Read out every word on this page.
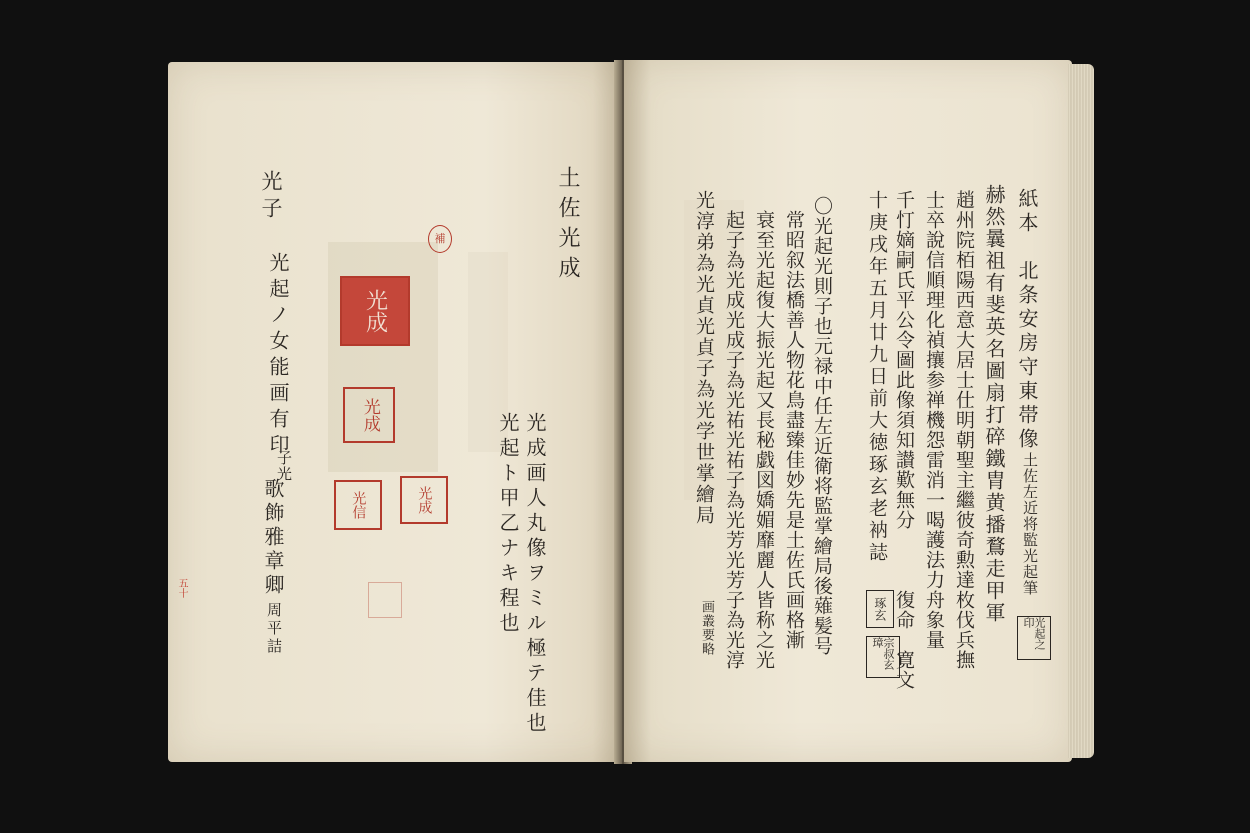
土佐光成
光子
光起ノ女能画有印
子光
歌飾雅章卿
周平詰	光成画人丸像ヲミル極テ佳也
光起ト甲乙ナキ程也
補
光成
光成
光成
光信
五十
紙本　北条安房守東帯像
土佐左近将監光起筆
光起之印
赫然曩祖有斐英名圖扇打碎鐵胄黄播鶩走甲軍
趙州院栢陽西意大居士仕明朝聖主繼彼奇勲達枚伐兵撫
士卒說信順理化禎攘参禅機怨雷消一喝護法力舟象量
千忊嫡嗣氏平公令圖此像須知讃歎無分　　　復命　寛文
十庚戌年五月廿九日前大徳琢玄老衲誌
琢玄
宗叔玄璋
〇光起光則子也元禄中任左近衛将監掌繪局後薙髪号
常昭叙法橋善人物花鳥盡臻佳妙先是土佐氏画格漸
衰至光起復大振光起又長秘戯図嬌媚靡麗人皆称之光
起子為光成光成子為光祐光祐子為光芳光芳子為光淳
光淳弟為光貞光貞子為光学世掌繪局
画叢要略
